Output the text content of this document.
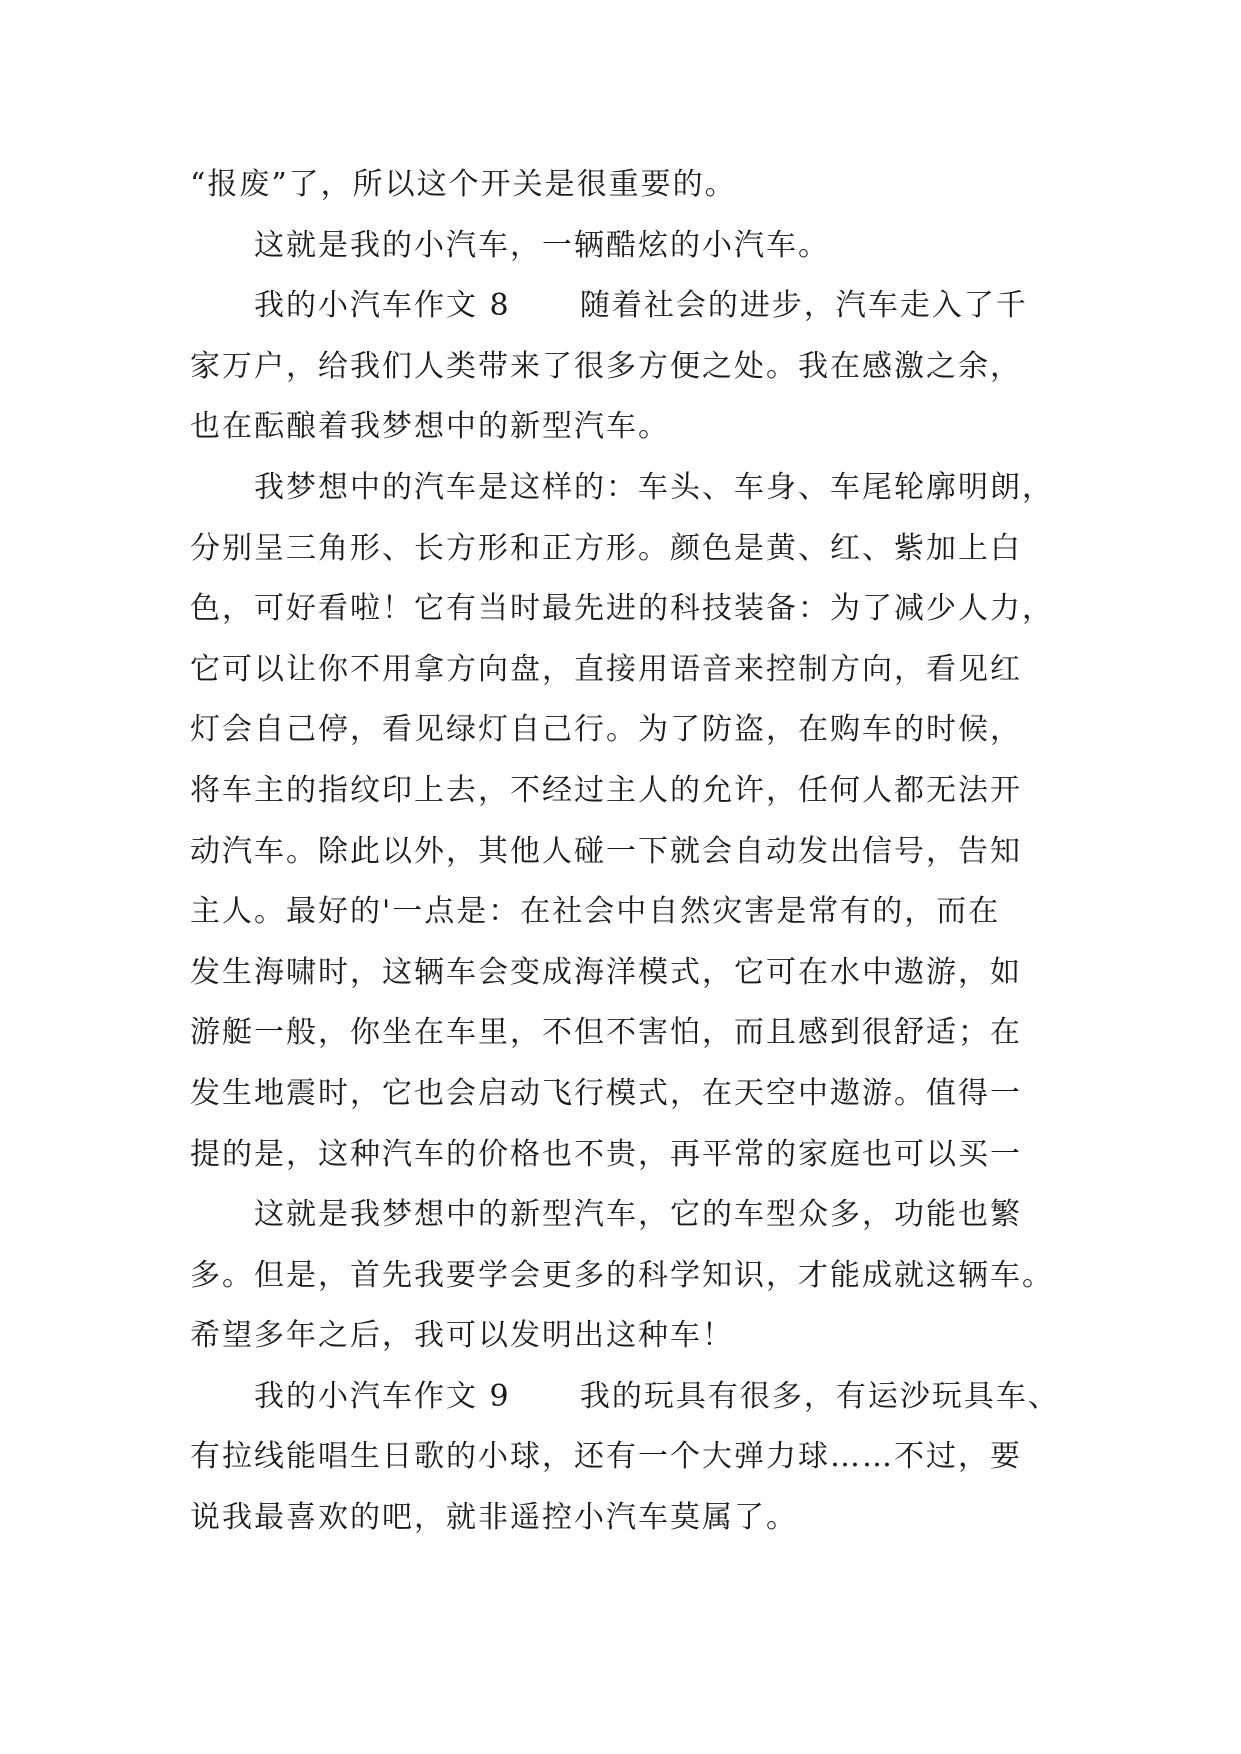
“报废”了，所以这个开关是很重要的。
这就是我的小汽车，一辆酷炫的小汽车。
我的小汽车作文 8      随着社会的进步，汽车走入了千
家万户，给我们人类带来了很多方便之处。我在感激之余，
也在酝酿着我梦想中的新型汽车。
我梦想中的汽车是这样的：车头、车身、车尾轮廓明朗，
分别呈三角形、长方形和正方形。颜色是黄、红、紫加上白
色，可好看啦！它有当时最先进的科技装备：为了减少人力，
它可以让你不用拿方向盘，直接用语音来控制方向，看见红
灯会自己停，看见绿灯自己行。为了防盗，在购车的时候，
将车主的指纹印上去，不经过主人的允许，任何人都无法开
动汽车。除此以外，其他人碰一下就会自动发出信号，告知
主人。最好的'一点是：在社会中自然灾害是常有的，而在
发生海啸时，这辆车会变成海洋模式，它可在水中遨游，如
游艇一般，你坐在车里，不但不害怕，而且感到很舒适；在
发生地震时，它也会启动飞行模式，在天空中遨游。值得一
提的是，这种汽车的价格也不贵，再平常的家庭也可以买一
这就是我梦想中的新型汽车，它的车型众多，功能也繁
多。但是，首先我要学会更多的科学知识，才能成就这辆车。
希望多年之后，我可以发明出这种车！
我的小汽车作文 9      我的玩具有很多，有运沙玩具车、
有拉线能唱生日歌的小球，还有一个大弹力球……不过，要
说我最喜欢的吧，就非遥控小汽车莫属了。
